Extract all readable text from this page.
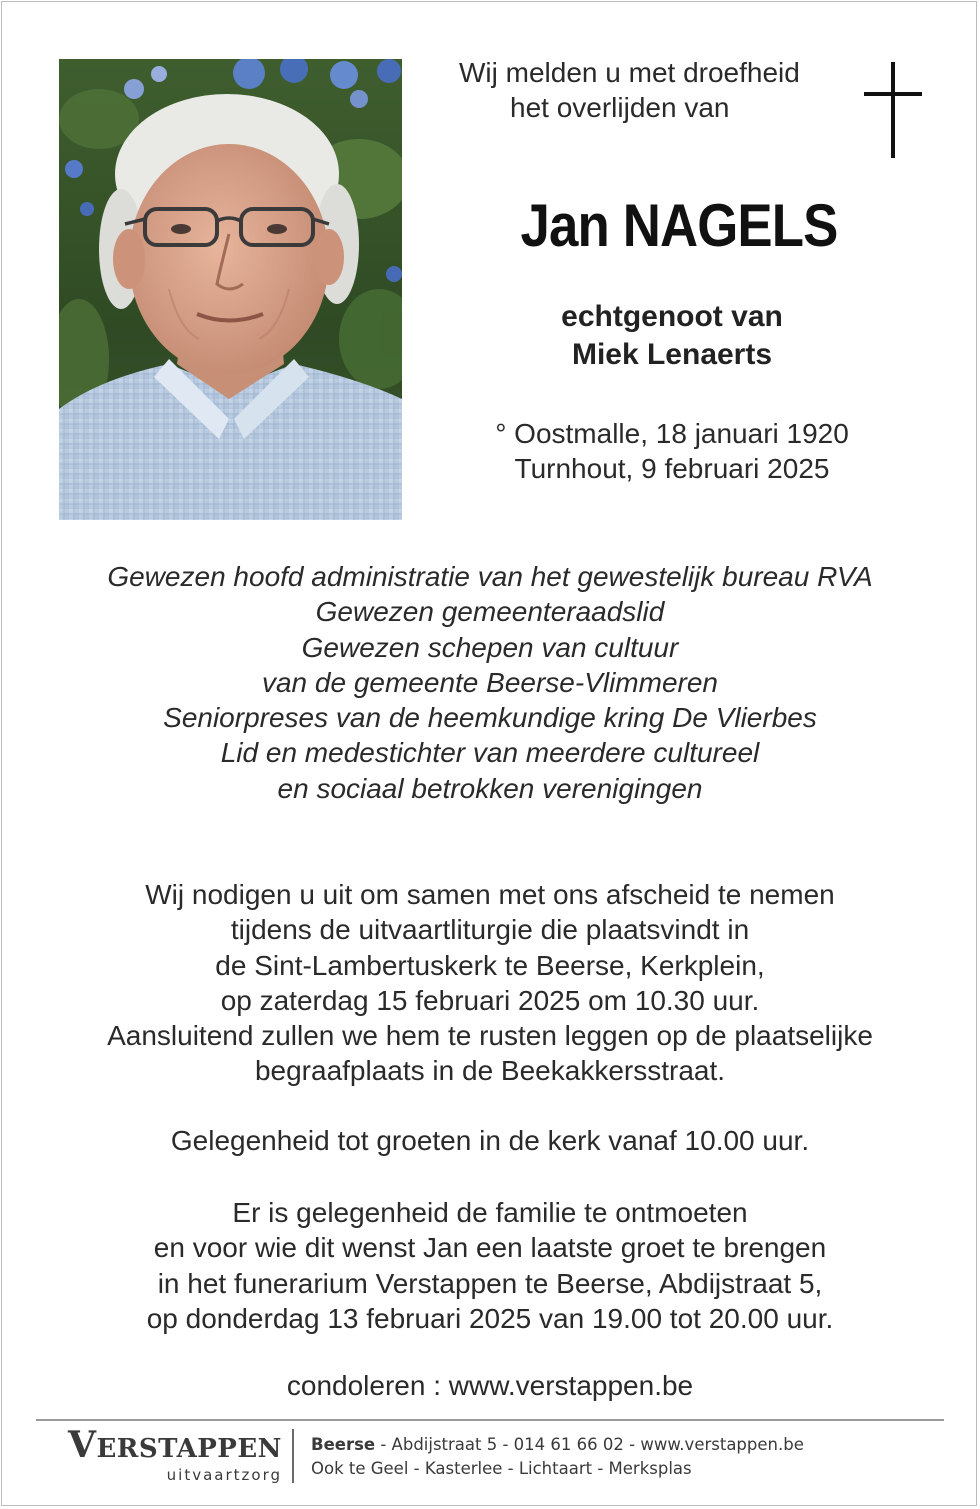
Wij melden u met droefheid
het overlijden van
Jan NAGELS
echtgenoot van
Miek Lenaerts
° Oostmalle, 18 januari 1920
Turnhout, 9 februari 2025
Gewezen hoofd administratie van het gewestelijk bureau RVA
Gewezen gemeenteraadslid
Gewezen schepen van cultuur
van de gemeente Beerse-Vlimmeren
Seniorpreses van de heemkundige kring De Vlierbes
Lid en medestichter van meerdere cultureel
en sociaal betrokken verenigingen
Wij nodigen u uit om samen met ons afscheid te nemen
tijdens de uitvaartliturgie die plaatsvindt in
de Sint-Lambertuskerk te Beerse, Kerkplein,
op zaterdag 15 februari 2025 om 10.30 uur.
Aansluitend zullen we hem te rusten leggen op de plaatselijke
begraafplaats in de Beekakkersstraat.
Gelegenheid tot groeten in de kerk vanaf 10.00 uur.
Er is gelegenheid de familie te ontmoeten
en voor wie dit wenst Jan een laatste groet te brengen
in het funerarium Verstappen te Beerse, Abdijstraat 5,
op donderdag 13 februari 2025 van 19.00 tot 20.00 uur.
condoleren : www.verstappen.be
VERSTAPPEN
uitvaartzorg
Beerse - Abdijstraat 5 - 014 61 66 02 - www.verstappen.be
Ook te Geel - Kasterlee - Lichtaart - Merksplas
